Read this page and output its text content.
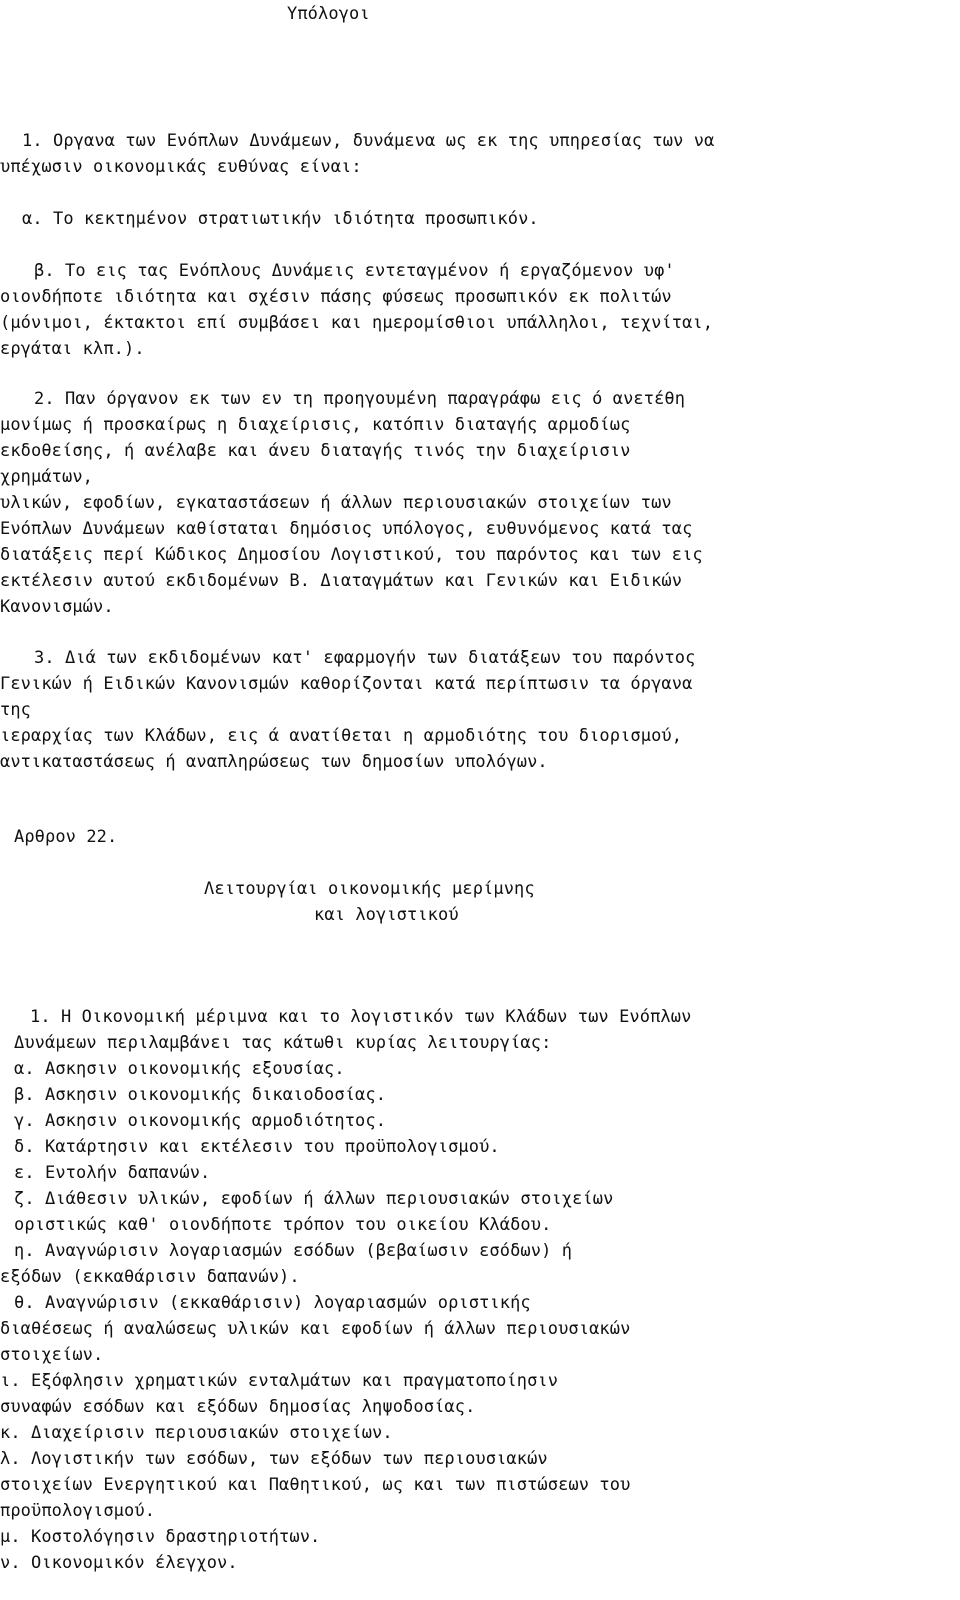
Υπόλογοι
1. Οργανα των Ενόπλων Δυνάμεων, δυνάμενα ως εκ της υπηρεσίας των να
υπέχωσιν οικονομικάς ευθύνας είναι:
α. Το κεκτημένον στρατιωτικήν ιδιότητα προσωπικόν.
β. Το εις τας Ενόπλους Δυνάμεις εντεταγμένον ή εργαζόμενον υφ'
οιονδήποτε ιδιότητα και σχέσιν πάσης φύσεως προσωπικόν εκ πολιτών
(μόνιμοι, έκτακτοι επί συμβάσει και ημερομίσθιοι υπάλληλοι, τεχνίται,
εργάται κλπ.).
2. Παν όργανον εκ των εν τη προηγουμένη παραγράφω εις ό ανετέθη
μονίμως ή προσκαίρως η διαχείρισις, κατόπιν διαταγής αρμοδίως
εκδοθείσης, ή ανέλαβε και άνευ διαταγής τινός την διαχείρισιν
χρημάτων,
υλικών, εφοδίων, εγκαταστάσεων ή άλλων περιουσιακών στοιχείων των
Ενόπλων Δυνάμεων καθίσταται δημόσιος υπόλογος, ευθυνόμενος κατά τας
διατάξεις περί Κώδικος Δημοσίου Λογιστικού, του παρόντος και των εις
εκτέλεσιν αυτού εκδιδομένων Β. Διαταγμάτων και Γενικών και Ειδικών
Κανονισμών.
3. Διά των εκδιδομένων κατ' εφαρμογήν των διατάξεων του παρόντος
Γενικών ή Ειδικών Κανονισμών καθορίζονται κατά περίπτωσιν τα όργανα
της
ιεραρχίας των Κλάδων, εις ά ανατίθεται η αρμοδιότης του διορισμού,
αντικαταστάσεως ή αναπληρώσεως των δημοσίων υπολόγων.
Αρθρον 22.
Λειτουργίαι οικονομικής μερίμνης
και λογιστικού
1. Η Οικονομική μέριμνα και το λογιστικόν των Κλάδων των Ενόπλων
Δυνάμεων περιλαμβάνει τας κάτωθι κυρίας λειτουργίας:
α. Ασκησιν οικονομικής εξουσίας.
β. Ασκησιν οικονομικής δικαιοδοσίας.
γ. Ασκησιν οικονομικής αρμοδιότητος.
δ. Κατάρτησιν και εκτέλεσιν του προϋπολογισμού.
ε. Εντολήν δαπανών.
ζ. Διάθεσιν υλικών, εφοδίων ή άλλων περιουσιακών στοιχείων
οριστικώς καθ' οιονδήποτε τρόπον του οικείου Κλάδου.
η. Αναγνώρισιν λογαριασμών εσόδων (βεβαίωσιν εσόδων) ή
εξόδων (εκκαθάρισιν δαπανών).
θ. Αναγνώρισιν (εκκαθάρισιν) λογαριασμών οριστικής
διαθέσεως ή αναλώσεως υλικών και εφοδίων ή άλλων περιουσιακών
στοιχείων.
ι. Εξόφλησιν χρηματικών ενταλμάτων και πραγματοποίησιν
συναφών εσόδων και εξόδων δημοσίας ληψοδοσίας.
κ. Διαχείρισιν περιουσιακών στοιχείων.
λ. Λογιστικήν των εσόδων, των εξόδων των περιουσιακών
στοιχείων Ενεργητικού και Παθητικού, ως και των πιστώσεων του
προϋπολογισμού.
μ. Κοστολόγησιν δραστηριοτήτων.
ν. Οικονομικόν έλεγχον.
